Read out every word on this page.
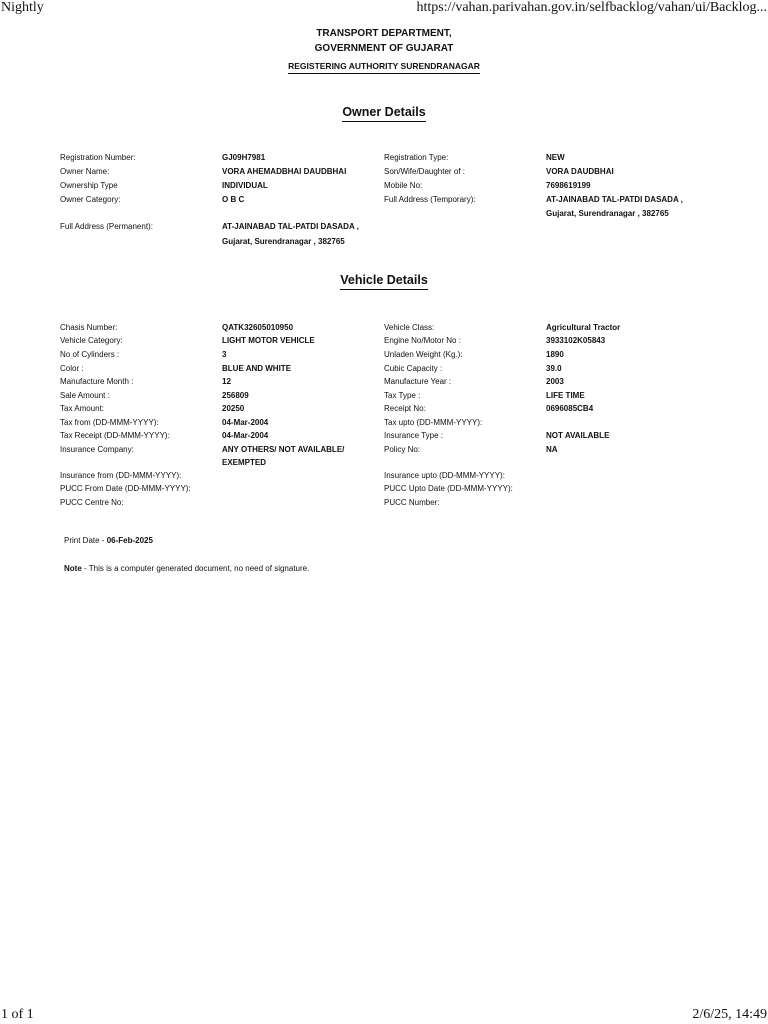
Nightly	https://vahan.parivahan.gov.in/selfbacklog/vahan/ui/Backlog...
TRANSPORT DEPARTMENT,
GOVERNMENT OF GUJARAT
REGISTERING AUTHORITY SURENDRANAGAR
Owner Details
Registration Number:	GJ09H7981	Registration Type:	NEW
Owner Name:	VORA AHEMADBHAI DAUDBHAI	Son/Wife/Daughter of :	VORA DAUDBHAI
Ownership Type	INDIVIDUAL	Mobile No:	7698619199
Owner Category:	O B C	Full Address (Temporary):	AT-JAINABAD TAL-PATDI DASADA ,
Gujarat, Surendranagar , 382765
Full Address (Permanent):	AT-JAINABAD TAL-PATDI DASADA ,
Gujarat, Surendranagar , 382765
Vehicle Details
Chasis Number:	QATK32605010950	Vehicle Class:	Agricultural Tractor
Vehicle Category:	LIGHT MOTOR VEHICLE	Engine No/Motor No :	3933102K05843
No of Cylinders :	3	Unladen Weight (Kg.):	1890
Color :	BLUE AND WHITE	Cubic Capacity :	39.0
Manufacture Month :	12	Manufacture Year :	2003
Sale Amount :	256809	Tax Type :	LIFE TIME
Tax Amount:	20250	Receipt No:	0696085CB4
Tax from (DD-MMM-YYYY):	04-Mar-2004	Tax upto (DD-MMM-YYYY):
Tax Receipt (DD-MMM-YYYY):	04-Mar-2004	Insurance Type :	NOT AVAILABLE
Insurance Company:	ANY OTHERS/ NOT AVAILABLE/	Policy No:	NA
EXEMPTED
Insurance from (DD-MMM-YYYY):	Insurance upto (DD-MMM-YYYY):
PUCC From Date (DD-MMM-YYYY):	PUCC Upto Date (DD-MMM-YYYY):
PUCC Centre No:	PUCC Number:
Print Date - 06-Feb-2025
Note - This is a computer generated document, no need of signature.
1 of 1	2/6/25, 14:49
